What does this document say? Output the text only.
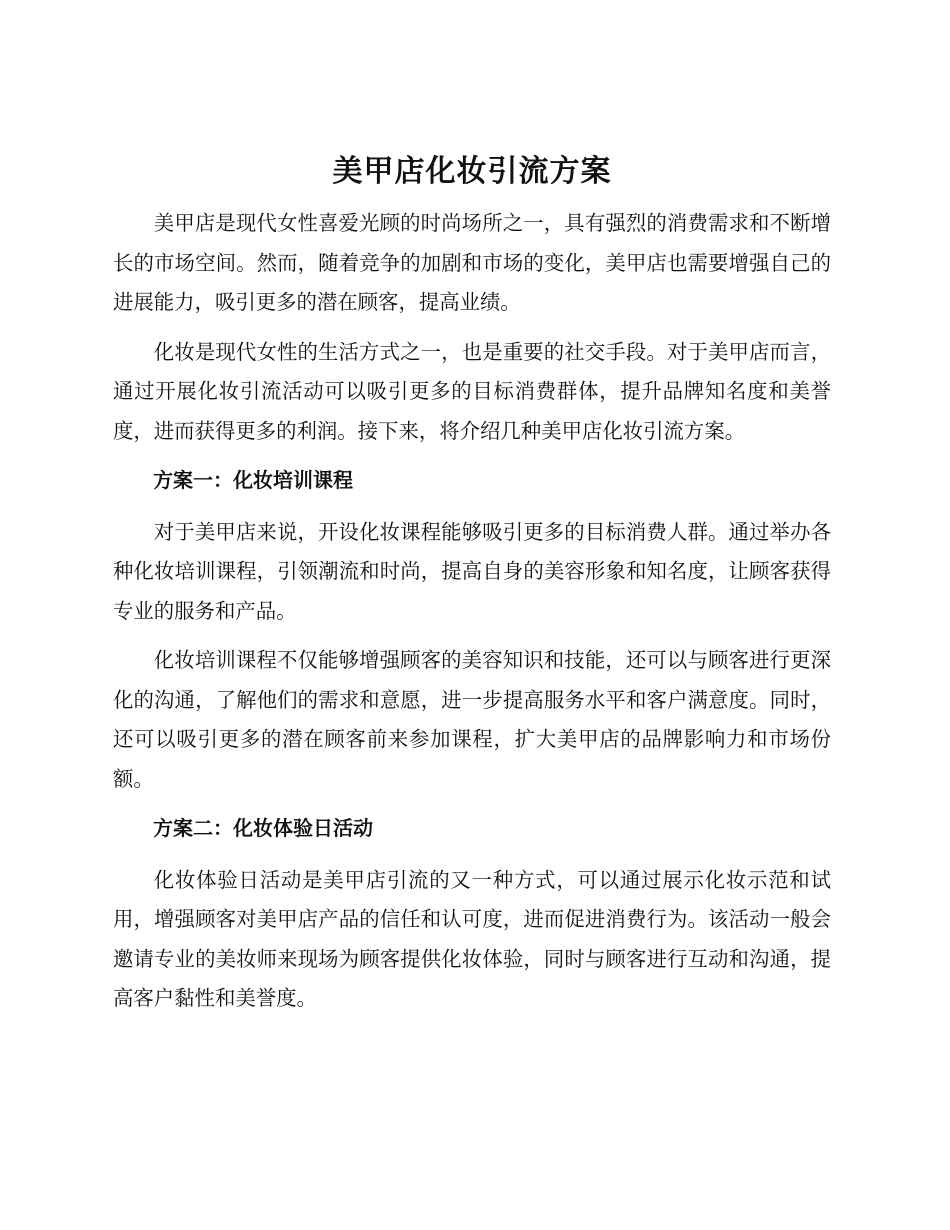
美甲店化妆引流方案

美甲店是现代女性喜爱光顾的时尚场所之一，具有强烈的消费需求和不断增长的市场空间。然而，随着竞争的加剧和市场的变化，美甲店也需要增强自己的进展能力，吸引更多的潜在顾客，提高业绩。

化妆是现代女性的生活方式之一，也是重要的社交手段。对于美甲店而言，通过开展化妆引流活动可以吸引更多的目标消费群体，提升品牌知名度和美誉度，进而获得更多的利润。接下来，将介绍几种美甲店化妆引流方案。

方案一：化妆培训课程

对于美甲店来说，开设化妆课程能够吸引更多的目标消费人群。通过举办各种化妆培训课程，引领潮流和时尚，提高自身的美容形象和知名度，让顾客获得专业的服务和产品。

化妆培训课程不仅能够增强顾客的美容知识和技能，还可以与顾客进行更深化的沟通，了解他们的需求和意愿，进一步提高服务水平和客户满意度。同时，还可以吸引更多的潜在顾客前来参加课程，扩大美甲店的品牌影响力和市场份额。

方案二：化妆体验日活动

化妆体验日活动是美甲店引流的又一种方式，可以通过展示化妆示范和试用，增强顾客对美甲店产品的信任和认可度，进而促进消费行为。该活动一般会邀请专业的美妆师来现场为顾客提供化妆体验，同时与顾客进行互动和沟通，提高客户黏性和美誉度。
